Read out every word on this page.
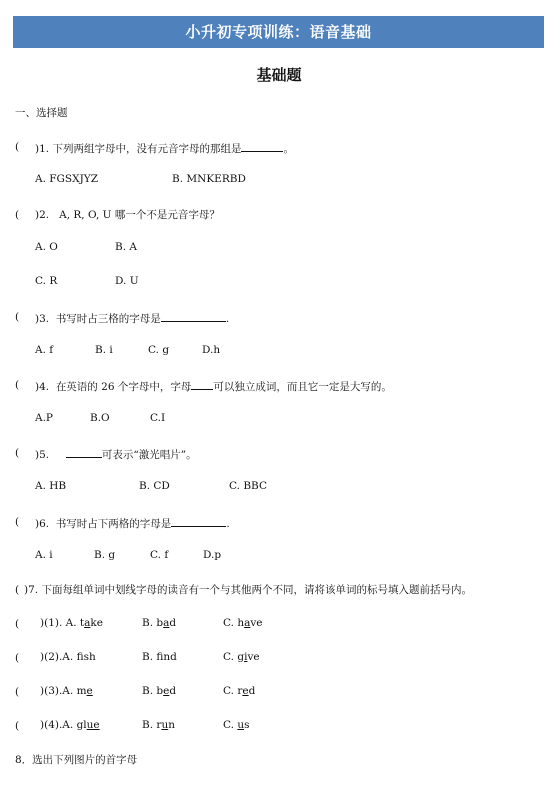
小升初专项训练：语音基础
基础题
一、选择题
( )1. 下列两组字母中，没有元音字母的那组是	。
A. FGSXJYZ	B. MNKERBD
( )2. A, R, O, U 哪一个不是元音字母？
A. O	B. A
C. R	D. U
( )3. 书写时占三格的字母是	.
A. f	B. i	C. g	D.h
( )4. 在英语的 26 个字母中，字母 可以独立成词，而且它一定是大写的。
A.P	B.O	C.I
( )5.	可表示“激光唱片”。
A. HB	B. CD	C. BBC
( )6. 书写时占下两格的字母是	.
A. i	B. g	C. f	D.p
( )7. 下面每组单词中划线字母的读音有一个与其他两个不同，请将该单词的标号填入题前括号内。
( )(1). A. take	B. bad	C. have
( )(2).A. fsh	B. fnd	C. give
( )(3).A. me	B. bed	C. red
( )(4).A. glue	B. run	C. us
8．选出下列图片的首字母
